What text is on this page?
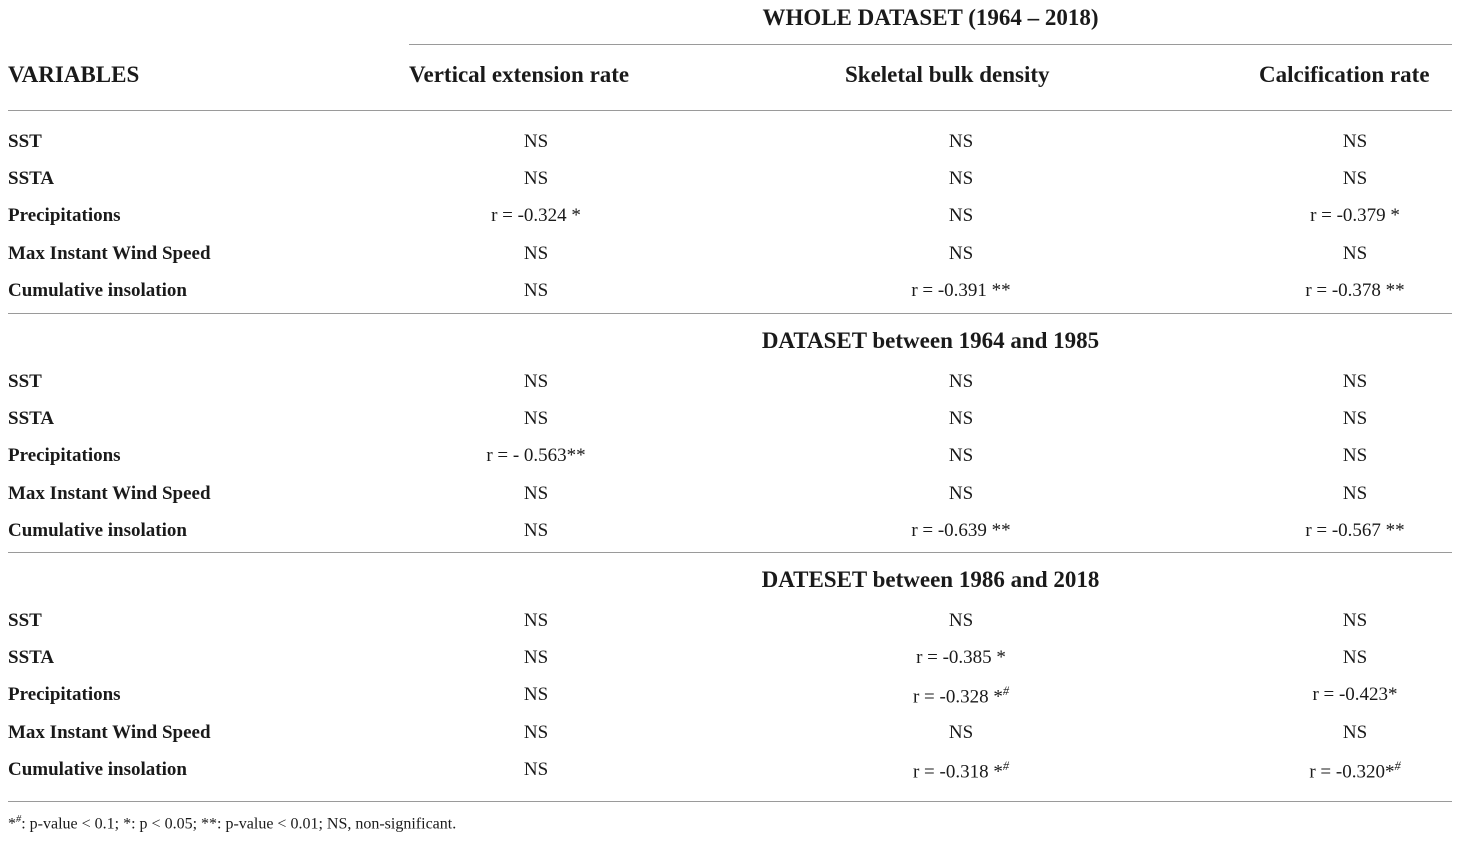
WHOLE DATASET (1964 – 2018)
VARIABLES	Vertical extension rate	Skeletal bulk density	Calcification rate
SST	NS	NS	NS
SSTA	NS	NS	NS
Precipitations	r = -0.324 *	NS	r = -0.379 *
Max Instant Wind Speed	NS	NS	NS
Cumulative insolation	NS	r = -0.391 **	r = -0.378 **
DATASET between 1964 and 1985
SST	NS	NS	NS
SSTA	NS	NS	NS
Precipitations	r = - 0.563**	NS	NS
Max Instant Wind Speed	NS	NS	NS
Cumulative insolation	NS	r = -0.639 **	r = -0.567 **
DATESET between 1986 and 2018
SST	NS	NS	NS
SSTA	NS	r = -0.385 *	NS
Precipitations	NS	r = -0.328 *#	r = -0.423*
Max Instant Wind Speed	NS	NS	NS
Cumulative insolation	NS	r = -0.318 *#	r = -0.320*#
*#: p-value < 0.1; *: p < 0.05; **: p-value < 0.01; NS, non-significant.
